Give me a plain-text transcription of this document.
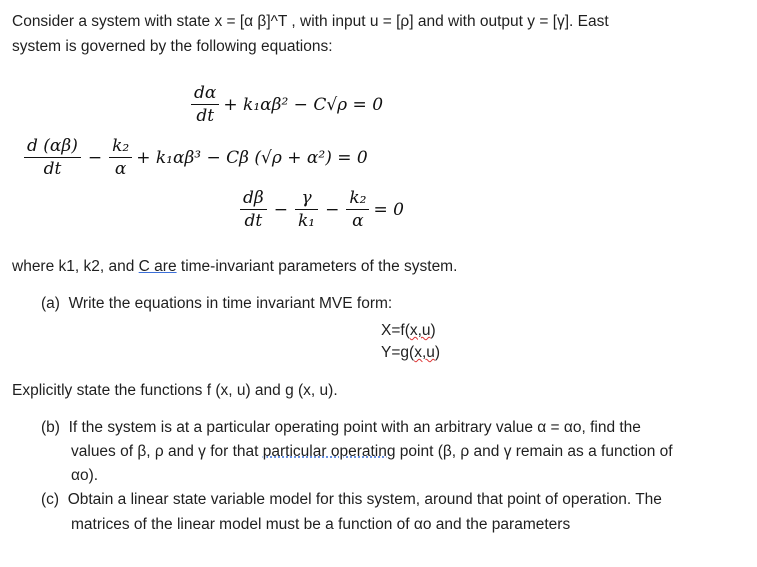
Consider a system with state x = [α β]^T , with input u = [ρ] and with output y = [γ]. East
system is governed by the following equations:
$\frac{d\alpha}{dt} + k_1\alpha\beta^2 - C√\rho = 0$
$\frac{d (\alpha\beta)}{dt} - \frac{\text{k₂}}{\alpha} + k_1\alpha\beta^3 - C\beta$ (√ρ + α²) = 0
$\frac{d\beta}{dt} - \frac{\gamma}{\text{k₁}} - \frac{\text{k₂}}{\alpha} = 0$
where k1, k2, and C are time-invariant parameters of the system.
(a) Write the equations in time invariant MVE form:
X=f(x,u)
Y=g(x,u)
Explicitly state the functions f (x, u) and g (x, u).
(b) If the system is at a particular operating point with an arbitrary value α = αo, find the
values of β, ρ and γ for that particular operating point (β, ρ and γ remain as a function of
αo).
(c) Obtain a linear state variable model for this system, around that point of operation. The
matrices of the linear model must be a function of αo and the parameters
